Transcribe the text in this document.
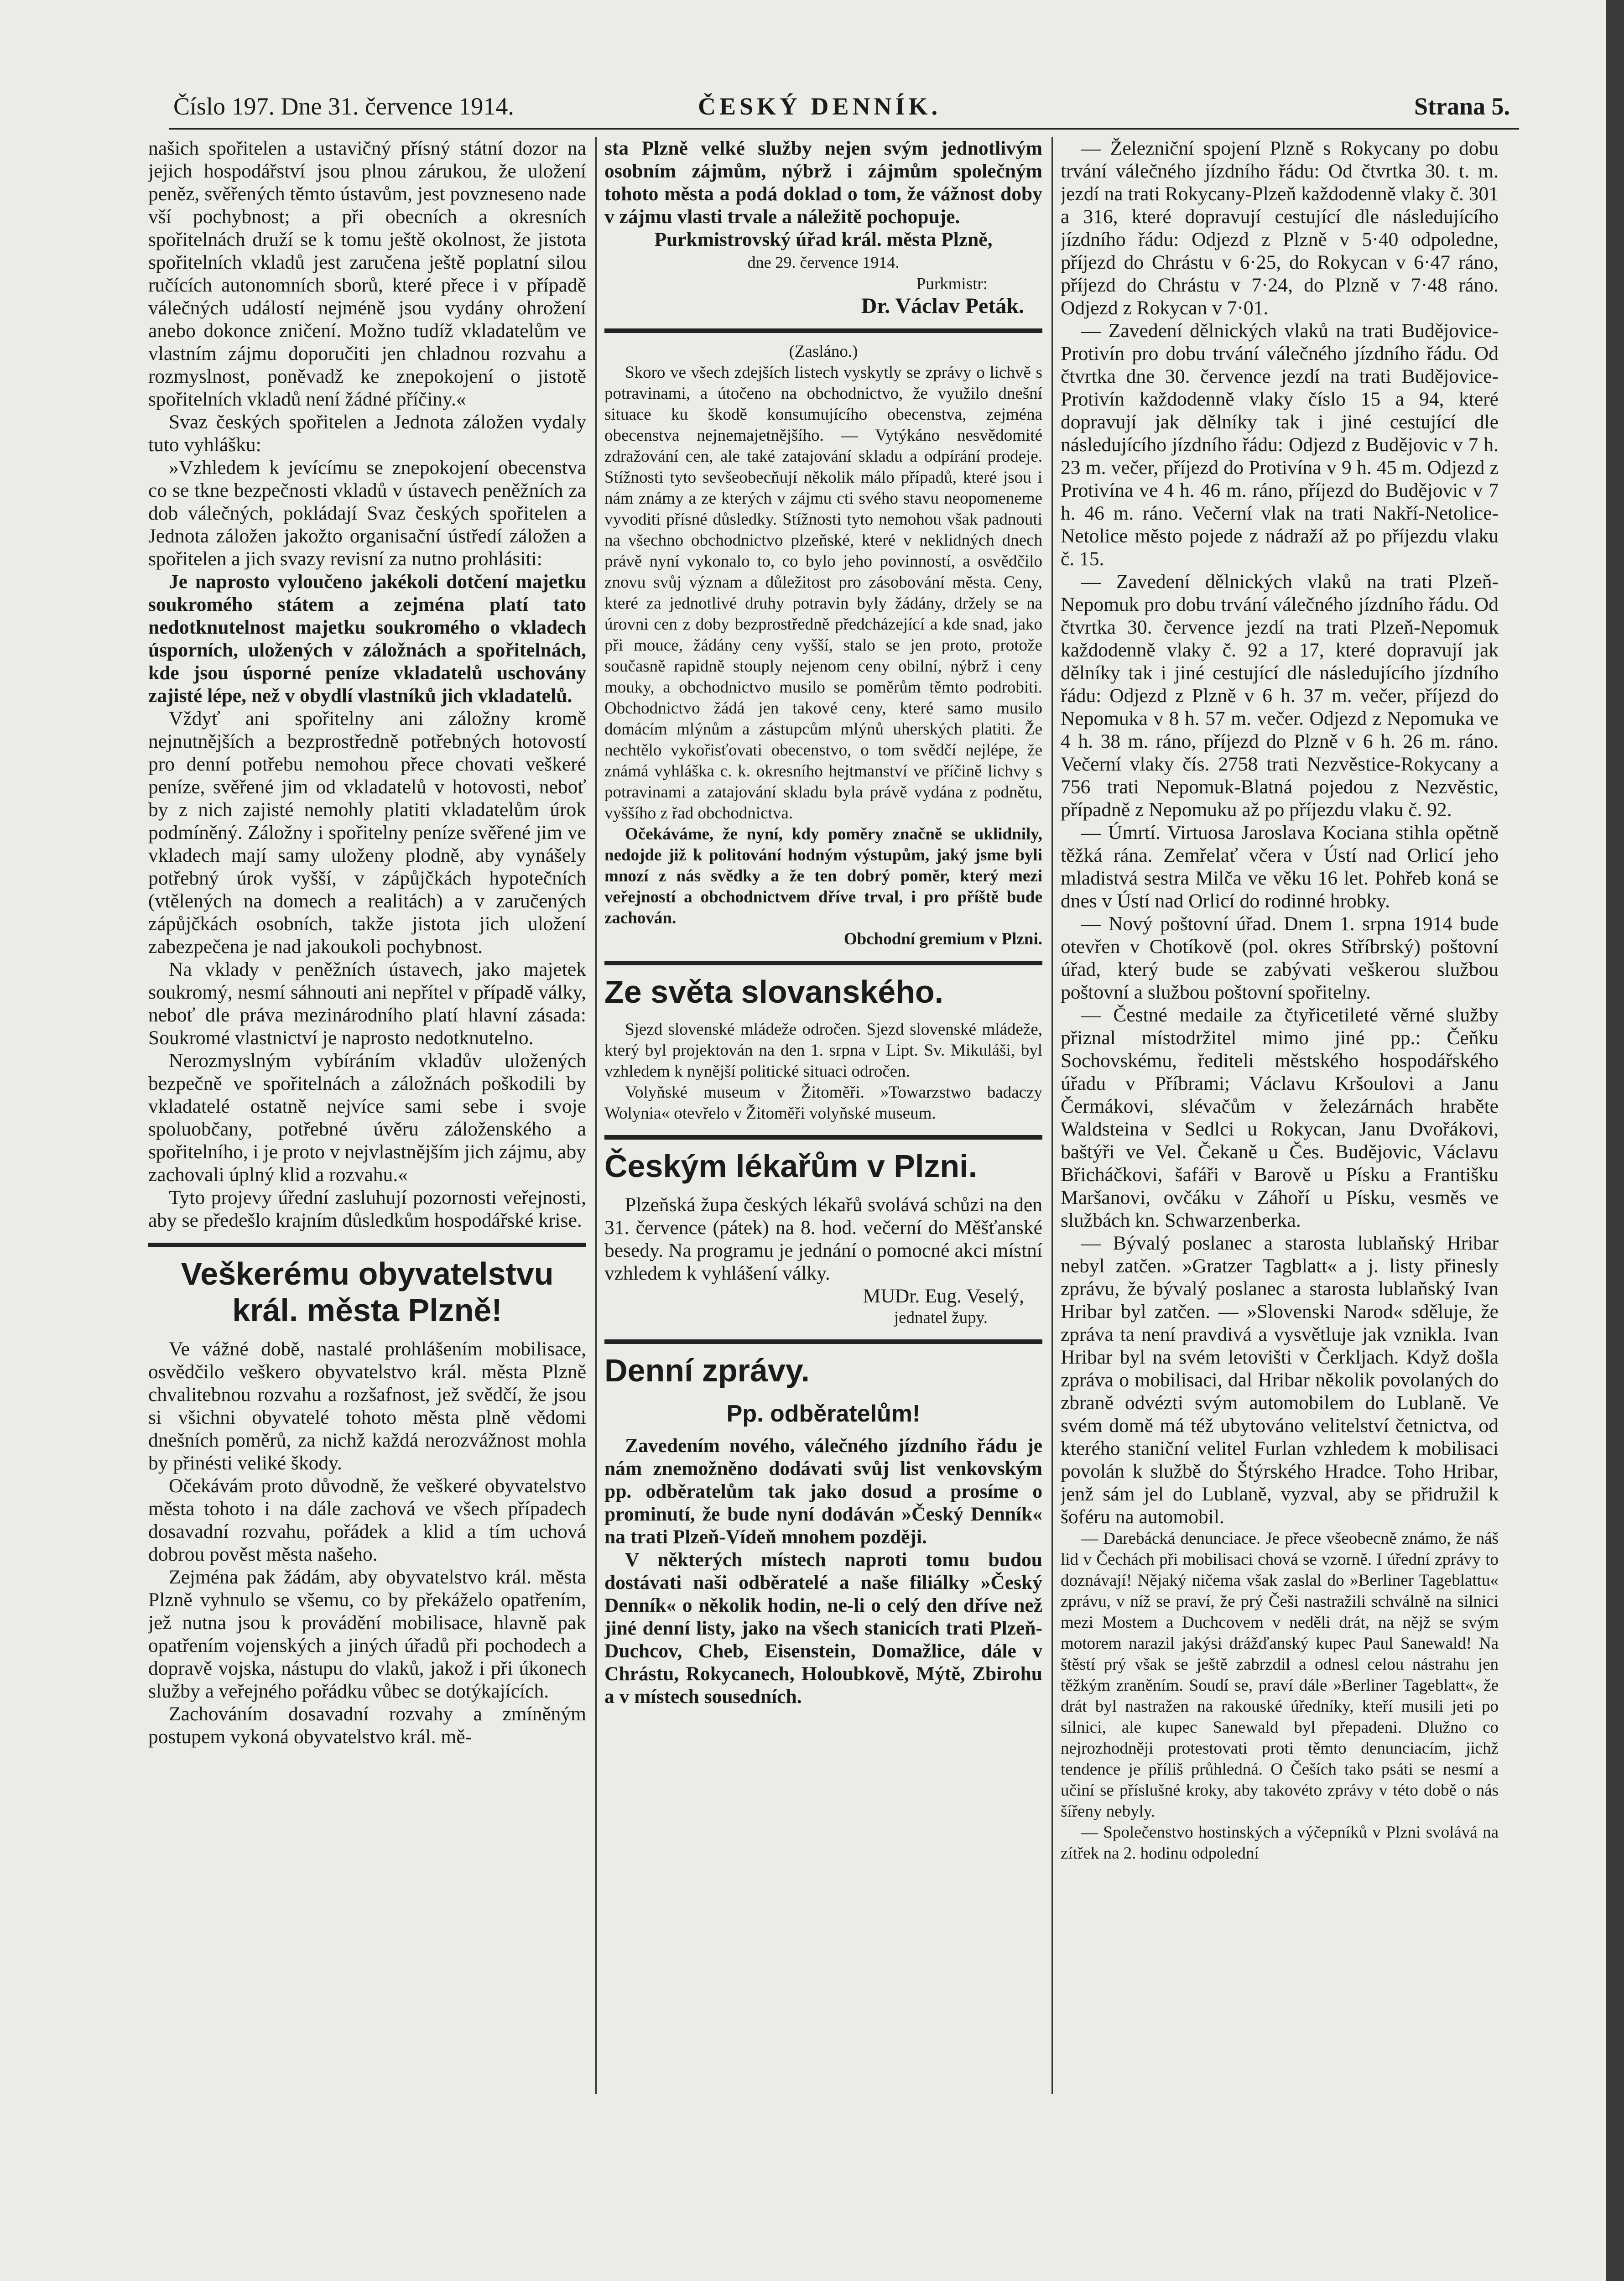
Číslo 197. Dne 31. července 1914.	ČESKÝ DENNÍK.	Strana 5.

našich spořitelen a ustavičný přísný státní dozor na jejich hospodářství jsou plnou zárukou, že uložení peněz, svěřených těmto ústavům, jest povzneseno nade vší pochybnost; a při obecních a okresních spořitelnách druží se k tomu ještě okolnost, že jistota spořitelních vkladů jest zaručena ještě poplatní silou ručících autonomních sborů, které přece i v případě válečných událostí nejméně jsou vydány ohrožení anebo dokonce zničení. Možno tudíž vkladatelům ve vlastním zájmu doporučiti jen chladnou rozvahu a rozmyslnost, poněvadž ke znepokojení o jistotě spořitelních vkladů není žádné příčiny.«

Svaz českých spořitelen a Jednota záložen vydaly tuto vyhlášku:

»Vzhledem k jevícímu se znepokojení obecenstva co se tkne bezpečnosti vkladů v ústavech peněžních za dob válečných, pokládají Svaz českých spořitelen a Jednota záložen jakožto organisační ústředí záložen a spořitelen a jich svazy revisní za nutno prohlásiti:

Je naprosto vyloučeno jakékoli dotčení majetku soukromého státem a zejména platí tato nedotknutelnost majetku soukromého o vkladech úsporních, uložených v záložnách a spořitelnách, kde jsou úsporné peníze vkladatelů uschovány zajisté lépe, než v obydlí vlastníků jich vkladatelů.

Vždyť ani spořitelny ani záložny kromě nejnutnějších a bezprostředně potřebných hotovostí pro denní potřebu nemohou přece chovati veškeré peníze, svěřené jim od vkladatelů v hotovosti, neboť by z nich zajisté nemohly platiti vkladatelům úrok podmíněný. Záložny i spořitelny peníze svěřené jim ve vkladech mají samy uloženy plodně, aby vynášely potřebný úrok vyšší, v zápůjčkách hypotečních (vtělených na domech a realitách) a v zaručených zápůjčkách osobních, takže jistota jich uložení zabezpečena je nad jakoukoli pochybnost.

Na vklady v peněžních ústavech, jako majetek soukromý, nesmí sáhnouti ani nepřítel v případě války, neboť dle práva mezinárodního platí hlavní zásada: Soukromé vlastnictví je naprosto nedotknutelno.

Nerozmyslným vybíráním vkladův uložených bezpečně ve spořitelnách a záložnách poškodili by vkladatelé ostatně nejvíce sami sebe i svoje spoluobčany, potřebné úvěru záloženského a spořitelního, i je proto v nejvlastnějším jich zájmu, aby zachovali úplný klid a rozvahu.«

Tyto projevy úřední zasluhují pozornosti veřejnosti, aby se předešlo krajním důsledkům hospodářské krise.

Veškerému obyvatelstvu král. města Plzně!

Ve vážné době, nastalé prohlášením mobilisace, osvědčilo veškero obyvatelstvo král. města Plzně chvalitebnou rozvahu a rozšafnost, jež svědčí, že jsou si všichni obyvatelé tohoto města plně vědomi dnešních poměrů, za nichž každá nerozvážnost mohla by přinésti veliké škody.

Očekávám proto důvodně, že veškeré obyvatelstvo města tohoto i na dále zachová ve všech případech dosavadní rozvahu, pořádek a klid a tím uchová dobrou pověst města našeho.

Zejména pak žádám, aby obyvatelstvo král. města Plzně vyhnulo se všemu, co by překáželo opatřením, jež nutna jsou k provádění mobilisace, hlavně pak opatřením vojenských a jiných úřadů při pochodech a dopravě vojska, nástupu do vlaků, jakož i při úkonech služby a veřejného pořádku vůbec se dotýkajících.

Zachováním dosavadní rozvahy a zmíněným postupem vykoná obyvatelstvo král. mě-

sta Plzně velké služby nejen svým jednotlivým osobním zájmům, nýbrž i zájmům společným tohoto města a podá doklad o tom, že vážnost doby v zájmu vlasti trvale a náležitě pochopuje.

Purkmistrovský úřad král. města Plzně,

dne 29. července 1914.

Purkmistr:

Dr. Václav Peták.

(Zasláno.)

Skoro ve všech zdejších listech vyskytly se zprávy o lichvě s potravinami, a útočeno na obchodnictvo, že využilo dnešní situace ku škodě konsumujícího obecenstva, zejména obecenstva nejnemajetnějšího. — Vytýkáno nesvědomité zdražování cen, ale také zatajování skladu a odpírání prodeje. Stížnosti tyto sevšeobecňují několik málo případů, které jsou i nám známy a ze kterých v zájmu cti svého stavu neopomeneme vyvoditi přísné důsledky. Stížnosti tyto nemohou však padnouti na všechno obchodnictvo plzeňské, které v neklidných dnech právě nyní vykonalo to, co bylo jeho povinností, a osvědčilo znovu svůj význam a důležitost pro zásobování města. Ceny, které za jednotlivé druhy potravin byly žádány, držely se na úrovni cen z doby bezprostředně předcházející a kde snad, jako při mouce, žádány ceny vyšší, stalo se jen proto, protože současně rapidně stouply nejenom ceny obilní, nýbrž i ceny mouky, a obchodnictvo musilo se poměrům těmto podrobiti. Obchodnictvo žádá jen takové ceny, které samo musilo domácím mlýnům a zástupcům mlýnů uherských platiti. Že nechtělo vykořisťovati obecenstvo, o tom svědčí nejlépe, že známá vyhláška c. k. okresního hejtmanství ve příčině lichvy s potravinami a zatajování skladu byla právě vydána z podnětu, vyššího z řad obchodnictva.

Očekáváme, že nyní, kdy poměry značně se uklidnily, nedojde již k politování hodným výstupům, jaký jsme byli mnozí z nás svědky a že ten dobrý poměr, který mezi veřejností a obchodnictvem dříve trval, i pro příště bude zachován.

Obchodní gremium v Plzni.

Ze světa slovanského.

Sjezd slovenské mládeže odročen. Sjezd slovenské mládeže, který byl projektován na den 1. srpna v Lipt. Sv. Mikuláši, byl vzhledem k nynější politické situaci odročen.

Volyňské museum v Žitoměři. »Towarzstwo badaczy Wolynia« otevřelo v Žitoměři volyňské museum.

Českým lékařům v Plzni.

Plzeňská župa českých lékařů svolává schůzi na den 31. července (pátek) na 8. hod. večerní do Měšťanské besedy. Na programu je jednání o pomocné akci místní vzhledem k vyhlášení války.

MUDr. Eug. Veselý,

jednatel župy.

Denní zprávy.
Pp. odběratelům!

Zavedením nového, válečného jízdního řádu je nám znemožněno dodávati svůj list venkovským pp. odběratelům tak jako dosud a prosíme o prominutí, že bude nyní dodáván »Český Denník« na trati Plzeň-Vídeň mnohem později.

V některých místech naproti tomu budou dostávati naši odběratelé a naše filiálky »Český Denník« o několik hodin, ne-li o celý den dříve než jiné denní listy, jako na všech stanicích trati Plzeň-Duchcov, Cheb, Eisenstein, Domažlice, dále v Chrástu, Rokycanech, Holoubkově, Mýtě, Zbirohu a v místech sousedních.

— Železniční spojení Plzně s Rokycany po dobu trvání válečného jízdního řádu: Od čtvrtka 30. t. m. jezdí na trati Rokycany-Plzeň každodenně vlaky č. 301 a 316, které dopravují cestující dle následujícího jízdního řádu: Odjezd z Plzně v 5·40 odpoledne, příjezd do Chrástu v 6·25, do Rokycan v 6·47 ráno, příjezd do Chrástu v 7·24, do Plzně v 7·48 ráno. Odjezd z Rokycan v 7·01.

— Zavedení dělnických vlaků na trati Budějovice-Protivín pro dobu trvání válečného jízdního řádu. Od čtvrtka dne 30. července jezdí na trati Budějovice-Protivín každodenně vlaky číslo 15 a 94, které dopravují jak dělníky tak i jiné cestující dle následujícího jízdního řádu: Odjezd z Budějovic v 7 h. 23 m. večer, příjezd do Protivína v 9 h. 45 m. Odjezd z Protivína ve 4 h. 46 m. ráno, příjezd do Budějovic v 7 h. 46 m. ráno. Večerní vlak na trati Nakří-Netolice-Netolice město pojede z nádraží až po příjezdu vlaku č. 15.

— Zavedení dělnických vlaků na trati Plzeň-Nepomuk pro dobu trvání válečného jízdního řádu. Od čtvrtka 30. července jezdí na trati Plzeň-Nepomuk každodenně vlaky č. 92 a 17, které dopravují jak dělníky tak i jiné cestující dle následujícího jízdního řádu: Odjezd z Plzně v 6 h. 37 m. večer, příjezd do Nepomuka v 8 h. 57 m. večer. Odjezd z Nepomuka ve 4 h. 38 m. ráno, příjezd do Plzně v 6 h. 26 m. ráno. Večerní vlaky čís. 2758 trati Nezvěstice-Rokycany a 756 trati Nepomuk-Blatná pojedou z Nezvěstic, případně z Nepomuku až po příjezdu vlaku č. 92.

— Úmrtí. Virtuosa Jaroslava Kociana stihla opětně těžká rána. Zemřelať včera v Ústí nad Orlicí jeho mladistvá sestra Milča ve věku 16 let. Pohřeb koná se dnes v Ústí nad Orlicí do rodinné hrobky.

— Nový poštovní úřad. Dnem 1. srpna 1914 bude otevřen v Chotíkově (pol. okres Stříbrský) poštovní úřad, který bude se zabývati veškerou službou poštovní a službou poštovní spořitelny.

— Čestné medaile za čtyřicetileté věrné služby přiznal místodržitel mimo jiné pp.: Čeňku Sochovskému, řediteli městského hospodářského úřadu v Příbrami; Václavu Kršoulovi a Janu Čermákovi, slévačům v železárnách hraběte Waldsteina v Sedlci u Rokycan, Janu Dvořákovi, baštýři ve Vel. Čekaně u Čes. Budějovic, Václavu Břicháčkovi, šafáři v Barově u Písku a Františku Maršanovi, ovčáku v Záhoří u Písku, vesměs ve službách kn. Schwarzenberka.

— Bývalý poslanec a starosta lublaňský Hribar nebyl zatčen. »Gratzer Tagblatt« a j. listy přinesly zprávu, že bývalý poslanec a starosta lublaňský Ivan Hribar byl zatčen. — »Slovenski Narod« sděluje, že zpráva ta není pravdivá a vysvětluje jak vznikla. Ivan Hribar byl na svém letovišti v Čerkljach. Když došla zpráva o mobilisaci, dal Hribar několik povolaných do zbraně odvézti svým automobilem do Lublaně. Ve svém domě má též ubytováno velitelství četnictva, od kterého staniční velitel Furlan vzhledem k mobilisaci povolán k službě do Štýrského Hradce. Toho Hribar, jenž sám jel do Lublaně, vyzval, aby se přidružil k šoféru na automobil.

— Darebácká denunciace. Je přece všeobecně známo, že náš lid v Čechách při mobilisaci chová se vzorně. I úřední zprávy to doznávají! Nějaký ničema však zaslal do »Berliner Tageblattu« zprávu, v níž se praví, že prý Češi nastražili schválně na silnici mezi Mostem a Duchcovem v neděli drát, na nějž se svým motorem narazil jakýsi drážďanský kupec Paul Sanewald! Na štěstí prý však se ještě zabrzdil a odnesl celou nástrahu jen těžkým zraněním. Soudí se, praví dále »Berliner Tageblatt«, že drát byl nastražen na rakouské úředníky, kteří musili jeti po silnici, ale kupec Sanewald byl přepadeni. Dlužno co nejrozhodněji protestovati proti těmto denunciacím, jichž tendence je příliš průhledná. O Češích tako psáti se nesmí a učiní se příslušné kroky, aby takovéto zprávy v této době o nás šířeny nebyly.

— Společenstvo hostinských a výčepníků v Plzni svolává na zítřek na 2. hodinu odpolední
